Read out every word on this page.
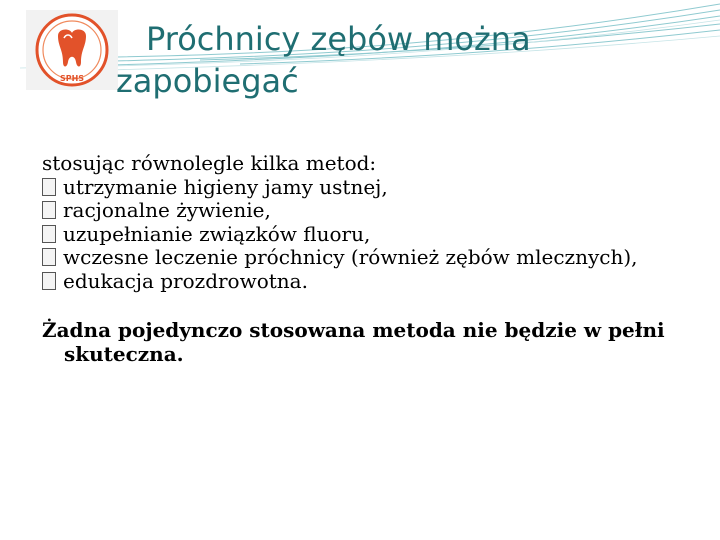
SPHS
Próchnicy zębów można
zapobiegać

stosując równolegle kilka metod:

utrzymanie higieny jamy ustnej,
racjonalne żywienie,
uzupełnianie związków fluoru,
wczesne leczenie próchnicy (również zębów mlecznych),
edukacja prozdrowotna.

Żadna pojedynczo stosowana metoda nie będzie w pełni skuteczna.
